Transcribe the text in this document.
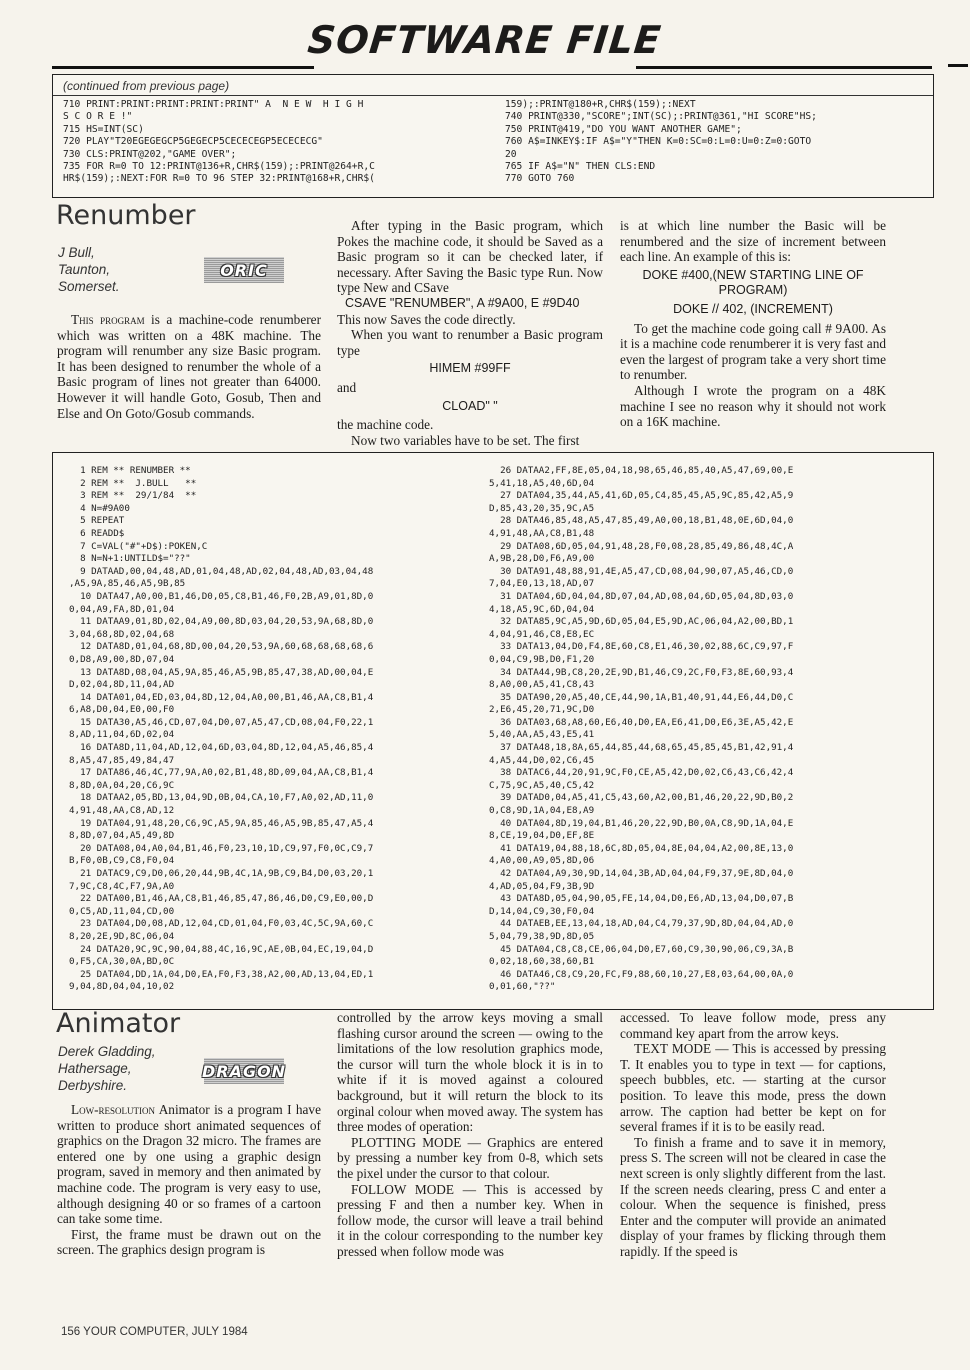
SOFTWARE FILE
(continued from previous page)
710 PRINT:PRINT:PRINT:PRINT:PRINT" A  N E W  H I G H
S C O R E !"
715 HS=INT(SC)
720 PLAY"T20EGEGEGCP5GEGECP5CECECEGP5ECECECG"
730 CLS:PRINT@202,"GAME OVER";
735 FOR R=0 TO 12:PRINT@136+R,CHR$(159);:PRINT@264+R,C
HR$(159);:NEXT:FOR R=0 TO 96 STEP 32:PRINT@168+R,CHR$(
159);:PRINT@180+R,CHR$(159);:NEXT
740 PRINT@330,"SCORE";INT(SC);:PRINT@361,"HI SCORE"HS;
750 PRINT@419,"DO YOU WANT ANOTHER GAME";
760 A$=INKEY$:IF A$="Y"THEN K=0:SC=0:L=0:U=0:Z=0:GOTO
20
765 IF A$="N" THEN CLS:END
770 GOTO 760
Renumber
J Bull,
Taunton,
Somerset.
ORIC

This program is a machine-code renumberer which was written on a 48K machine. The program will renumber any size Basic program. It has been designed to renumber the whole of a Basic program of lines not greater than 64000. However it will handle Goto, Gosub, Then and Else and On Goto/Gosub commands.

After typing in the Basic program, which Pokes the machine code, it should be Saved as a Basic program so it can be checked later, if necessary. After Saving the Basic type Run. Now type New and CSave

CSAVE "RENUMBER", A #9A00, E #9D40

This now Saves the code directly.

When you want to renumber a Basic program type

HIMEM #99FF

and

CLOAD" "

the machine code.

Now two variables have to be set. The first

is at which line number the Basic will be renumbered and the size of increment between each line. An example of this is:

DOKE #400,(NEW STARTING LINE OF PROGRAM)

DOKE // 402, (INCREMENT)

To get the machine code going call # 9A00. As it is a machine code renumberer it is very fast and even the largest of program take a very short time to renumber.

Although I wrote the program on a 48K machine I see no reason why it should not work on a 16K machine.

1 REM ** RENUMBER **
2 REM **  J.BULL   **
3 REM **  29/1/84  **
4 N=#9A00
5 REPEAT
6 READD$
7 C=VAL("#"+D$):POKEN,C
8 N=N+1:UNTILD$="??"
9 DATAAD,00,04,48,AD,01,04,48,AD,02,04,48,AD,03,04,48
,A5,9A,85,46,A5,9B,85
10 DATA47,A0,00,B1,46,D0,05,C8,B1,46,F0,2B,A9,01,8D,0
0,04,A9,FA,8D,01,04
11 DATAA9,01,8D,02,04,A9,00,8D,03,04,20,53,9A,68,8D,0
3,04,68,8D,02,04,68
12 DATA8D,01,04,68,8D,00,04,20,53,9A,60,68,68,68,68,6
0,D8,A9,00,8D,07,04
13 DATA8D,08,04,A5,9A,85,46,A5,9B,85,47,38,AD,00,04,E
D,02,04,8D,11,04,AD
14 DATA01,04,ED,03,04,8D,12,04,A0,00,B1,46,AA,C8,B1,4
6,A8,D0,04,E0,00,F0
15 DATA30,A5,46,CD,07,04,D0,07,A5,47,CD,08,04,F0,22,1
8,AD,11,04,6D,02,04
16 DATA8D,11,04,AD,12,04,6D,03,04,8D,12,04,A5,46,85,4
8,A5,47,85,49,84,47
17 DATA86,46,4C,77,9A,A0,02,B1,48,8D,09,04,AA,C8,B1,4
8,8D,0A,04,20,C6,9C
18 DATAA2,05,BD,13,04,9D,0B,04,CA,10,F7,A0,02,AD,11,0
4,91,48,AA,C8,AD,12
19 DATA04,91,48,20,C6,9C,A5,9A,85,46,A5,9B,85,47,A5,4
8,8D,07,04,A5,49,8D
20 DATA08,04,A0,04,B1,46,F0,23,10,1D,C9,97,F0,0C,C9,7
B,F0,0B,C9,C8,F0,04
21 DATAC9,C9,D0,06,20,44,9B,4C,1A,9B,C9,B4,D0,03,20,1
7,9C,C8,4C,F7,9A,A0
22 DATA00,B1,46,AA,C8,B1,46,85,47,86,46,D0,C9,E0,00,D
0,C5,AD,11,04,CD,00
23 DATA04,D0,08,AD,12,04,CD,01,04,F0,03,4C,5C,9A,60,C
8,20,2E,9D,8C,06,04
24 DATA20,9C,9C,90,04,88,4C,16,9C,AE,0B,04,EC,19,04,D
0,F5,CA,30,0A,BD,0C
25 DATA04,DD,1A,04,D0,EA,F0,F3,38,A2,00,AD,13,04,ED,1
9,04,8D,04,04,10,02
26 DATAA2,FF,8E,05,04,18,98,65,46,85,40,A5,47,69,00,E
5,41,18,A5,40,6D,04
27 DATA04,35,44,A5,41,6D,05,C4,85,45,A5,9C,85,42,A5,9
D,85,43,20,35,9C,A5
28 DATA46,85,48,A5,47,85,49,A0,00,18,B1,48,0E,6D,04,0
4,91,48,AA,C8,B1,48
29 DATA08,6D,05,04,91,48,28,F0,08,28,85,49,86,48,4C,A
A,9B,28,D0,F6,A9,00
30 DATA91,48,88,91,4E,A5,47,CD,08,04,90,07,A5,46,CD,0
7,04,E0,13,18,AD,07
31 DATA04,6D,04,04,8D,07,04,AD,08,04,6D,05,04,8D,03,0
4,18,A5,9C,6D,04,04
32 DATA85,9C,A5,9D,6D,05,04,E5,9D,AC,06,04,A2,00,BD,1
4,04,91,46,C8,E8,EC
33 DATA13,04,D0,F4,8E,60,C8,E1,46,30,02,88,6C,C9,97,F
0,04,C9,9B,D0,F1,20
34 DATA44,9B,C8,20,2E,9D,B1,46,C9,2C,F0,F3,8E,60,93,4
8,A0,00,A5,41,C8,43
35 DATA90,20,A5,40,CE,44,90,1A,B1,40,91,44,E6,44,D0,C
2,E6,45,20,71,9C,D0
36 DATA03,68,A8,60,E6,40,D0,EA,E6,41,D0,E6,3E,A5,42,E
5,40,AA,A5,43,E5,41
37 DATA48,18,8A,65,44,85,44,68,65,45,85,45,B1,42,91,4
4,A5,44,D0,02,C6,45
38 DATAC6,44,20,91,9C,F0,CE,A5,42,D0,02,C6,43,C6,42,4
C,75,9C,A5,40,C5,42
39 DATAD0,04,A5,41,C5,43,60,A2,00,B1,46,20,22,9D,B0,2
0,C8,9D,1A,04,E8,A9
40 DATA04,8D,19,04,B1,46,20,22,9D,B0,0A,C8,9D,1A,04,E
8,CE,19,04,D0,EF,8E
41 DATA19,04,88,18,6C,8D,05,04,8E,04,04,A2,00,8E,13,0
4,A0,00,A9,05,8D,06
42 DATA04,A9,30,9D,14,04,3B,AD,04,04,F9,37,9E,8D,04,0
4,AD,05,04,F9,3B,9D
43 DATA8D,05,04,90,05,FE,14,04,D0,E6,AD,13,04,D0,07,B
D,14,04,C9,30,F0,04
44 DATAEB,EE,13,04,18,AD,04,C4,79,37,9D,8D,04,04,AD,0
5,04,79,38,9D,8D,05
45 DATA04,C8,C8,CE,06,04,D0,E7,60,C9,30,90,06,C9,3A,B
0,02,18,60,38,60,B1
46 DATA46,C8,C9,20,FC,F9,88,60,10,27,E8,03,64,00,0A,0
0,01,60,"??"
Animator
Derek Gladding,
Hathersage,
Derbyshire.
DRAGON

Low-resolution Animator is a program I have written to produce short animated sequences of graphics on the Dragon 32 micro. The frames are entered one by one using a graphic design program, saved in memory and then animated by machine code. The program is very easy to use, although designing 40 or so frames of a cartoon can take some time.

First, the frame must be drawn out on the screen. The graphics design program is

controlled by the arrow keys moving a small flashing cursor around the screen — owing to the limitations of the low resolution graphics mode, the cursor will turn the whole block it is in to white if it is moved against a coloured background, but it will return the block to its orginal colour when moved away. The system has three modes of operation:

PLOTTING MODE — Graphics are entered by pressing a number key from 0-8, which sets the pixel under the cursor to that colour.

FOLLOW MODE — This is accessed by pressing F and then a number key. When in follow mode, the cursor will leave a trail behind it in the colour corresponding to the number key pressed when follow mode was

accessed. To leave follow mode, press any command key apart from the arrow keys.

TEXT MODE — This is accessed by pressing T. It enables you to type in text — for captions, speech bubbles, etc. — starting at the cursor position. To leave this mode, press the down arrow. The caption had better be kept on for several frames if it is to be easily read.

To finish a frame and to save it in memory, press S. The screen will not be cleared in case the next screen is only slightly different from the last. If the screen needs clearing, press C and enter a colour. When the sequence is finished, press Enter and the computer will provide an animated display of your frames by flicking through them rapidly. If the speed is

156 YOUR COMPUTER, JULY 1984
